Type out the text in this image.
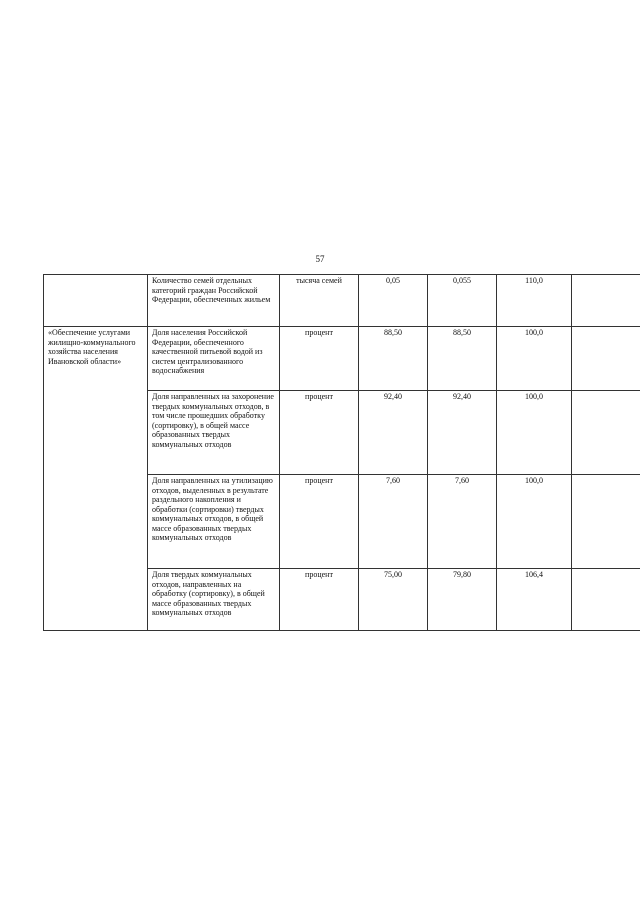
57
	Количество семей отдельных категорий граждан Российской Федерации, обеспеченных жильем	тысяча семей	0,05	0,055	110,0	
«Обеспечение услугами жилищно-коммунального хозяйства населения Ивановской области»	Доля населения Российской Федерации, обеспеченного качественной питьевой водой из систем централизованного водоснабжения	процент	88,50	88,50	100,0	
	Доля направленных на захоронение твердых коммунальных отходов, в том числе прошедших обработку (сортировку), в общей массе образованных твердых коммунальных отходов	процент	92,40	92,40	100,0	
	Доля направленных на утилизацию отходов, выделенных в результате раздельного накопления и обработки (сортировки) твердых коммунальных отходов, в общей массе образованных твердых коммунальных отходов	процент	7,60	7,60	100,0	
	Доля твердых коммунальных отходов, направленных на обработку (сортировку), в общей массе образованных твердых коммунальных отходов	процент	75,00	79,80	106,4	
